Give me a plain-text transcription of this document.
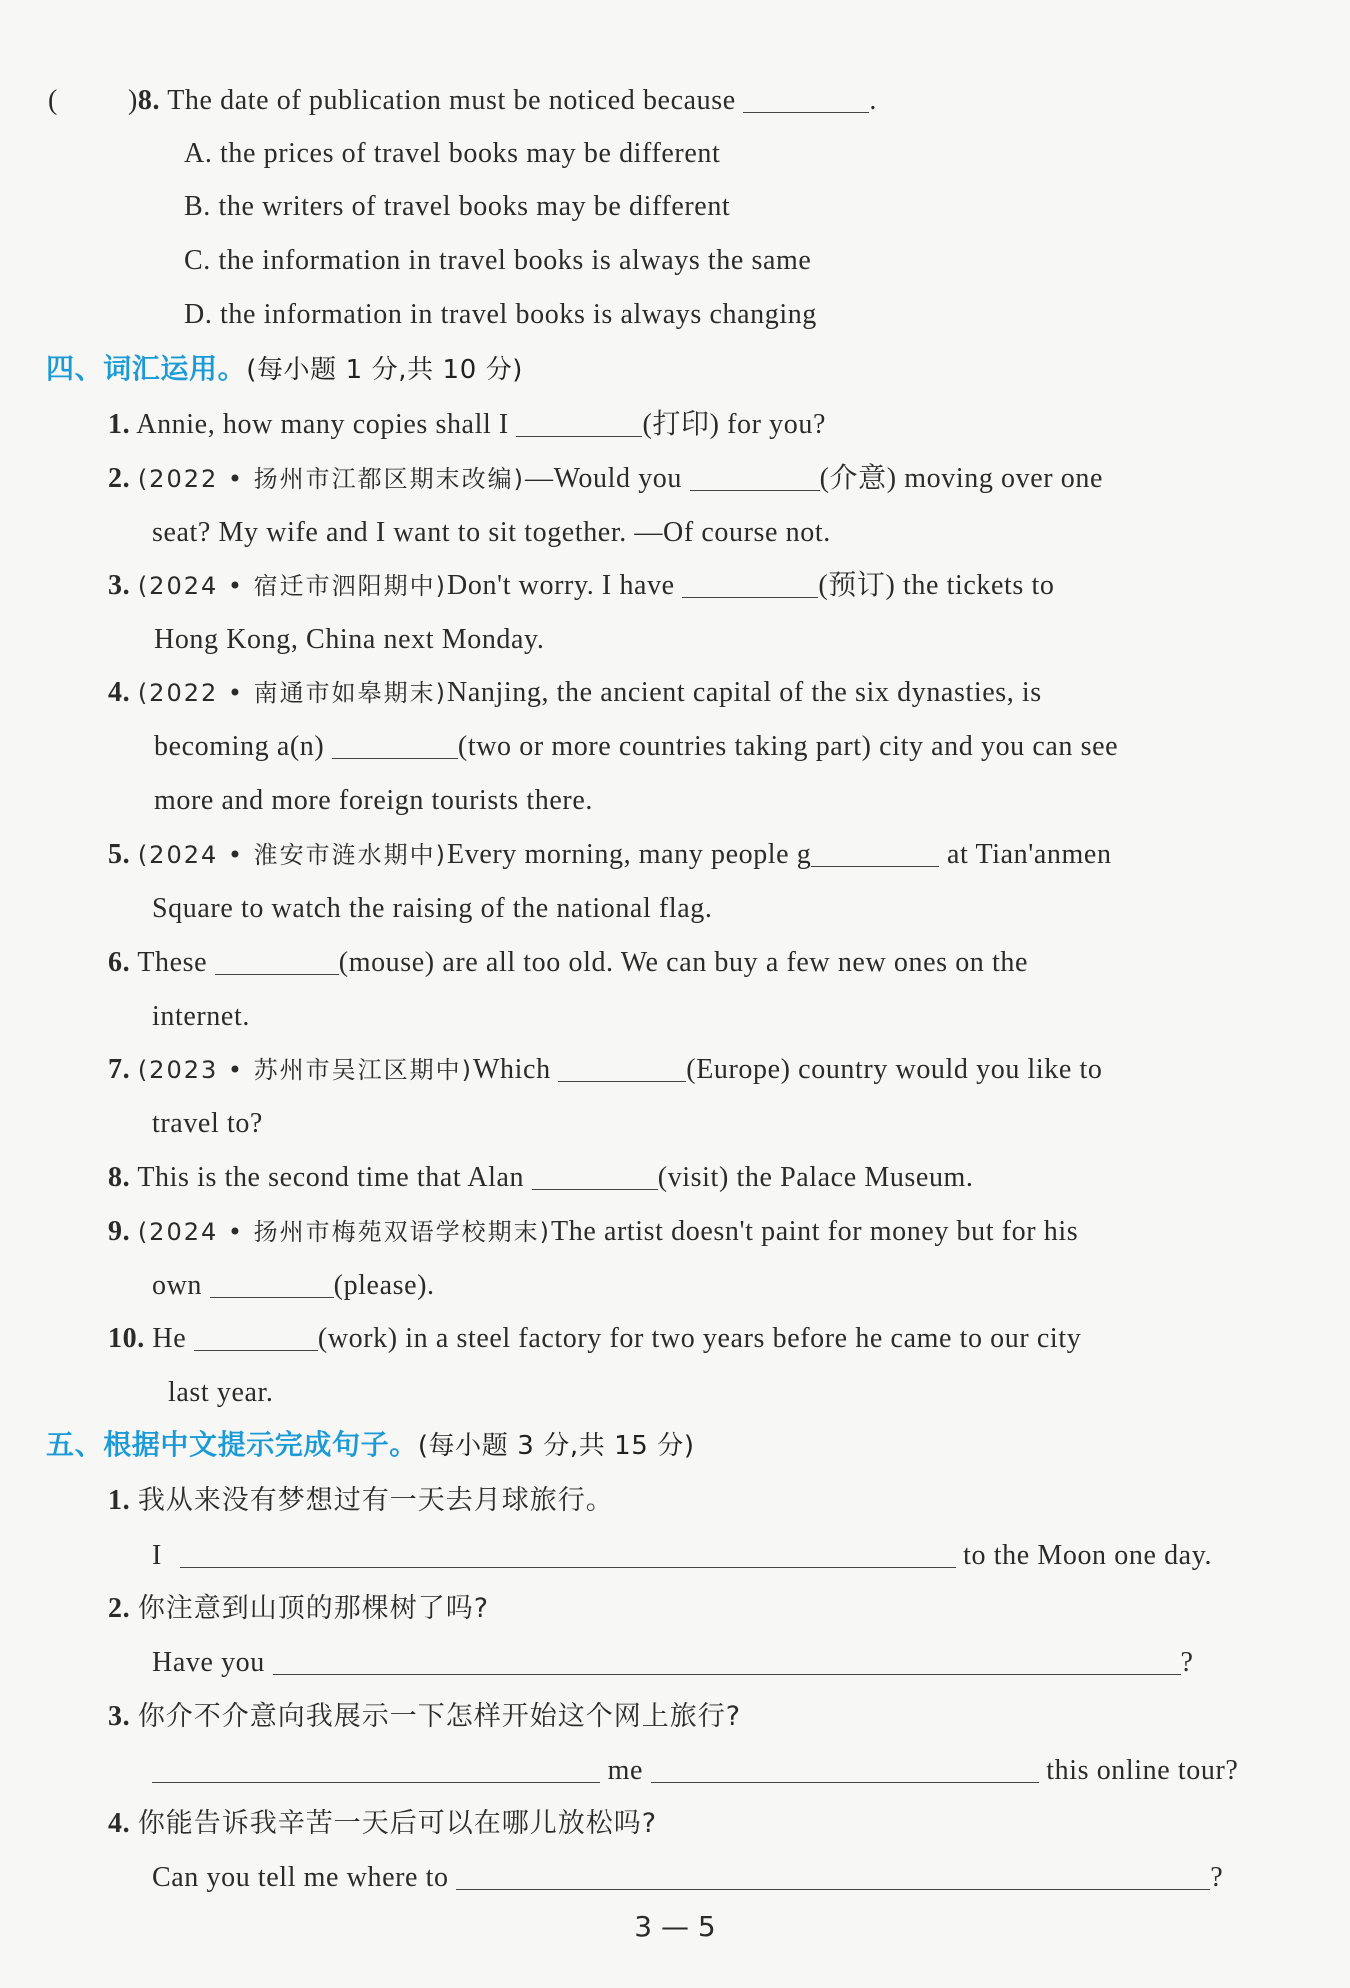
(	)8. The date of publication must be noticed because	.
A. the prices of travel books may be different
B. the writers of travel books may be different
C. the information in travel books is always the same
D. the information in travel books is always changing
四、词汇运用。(每小题 1 分,共 10 分)
1. Annie, how many copies shall I	(打印) for you?
2. (2022 • 扬州市江都区期末改编)—Would you	(介意) moving over one
seat? My wife and I want to sit together. —Of course not.
3. (2024 • 宿迁市泗阳期中)Don't worry. I have	(预订) the tickets to
Hong Kong, China next Monday.
4. (2022 • 南通市如皋期末)Nanjing, the ancient capital of the six dynasties, is
becoming a(n)	(two or more countries taking part) city and you can see
more and more foreign tourists there.
5. (2024 • 淮安市涟水期中)Every morning, many people g	at Tian'anmen
Square to watch the raising of the national flag.
6. These	(mouse) are all too old. We can buy a few new ones on the
internet.
7. (2023 • 苏州市吴江区期中)Which	(Europe) country would you like to
travel to?
8. This is the second time that Alan	(visit) the Palace Museum.
9. (2024 • 扬州市梅苑双语学校期末)The artist doesn't paint for money but for his
own	(please).
10. He	(work) in a steel factory for two years before he came to our city
last year.
五、根据中文提示完成句子。(每小题 3 分,共 15 分)
1. 我从来没有梦想过有一天去月球旅行。
I	to the Moon one day.
2. 你注意到山顶的那棵树了吗?
Have you	?
3. 你介不介意向我展示一下怎样开始这个网上旅行?
me	this online tour?
4. 你能告诉我辛苦一天后可以在哪儿放松吗?
Can you tell me where to	?
3 — 5
